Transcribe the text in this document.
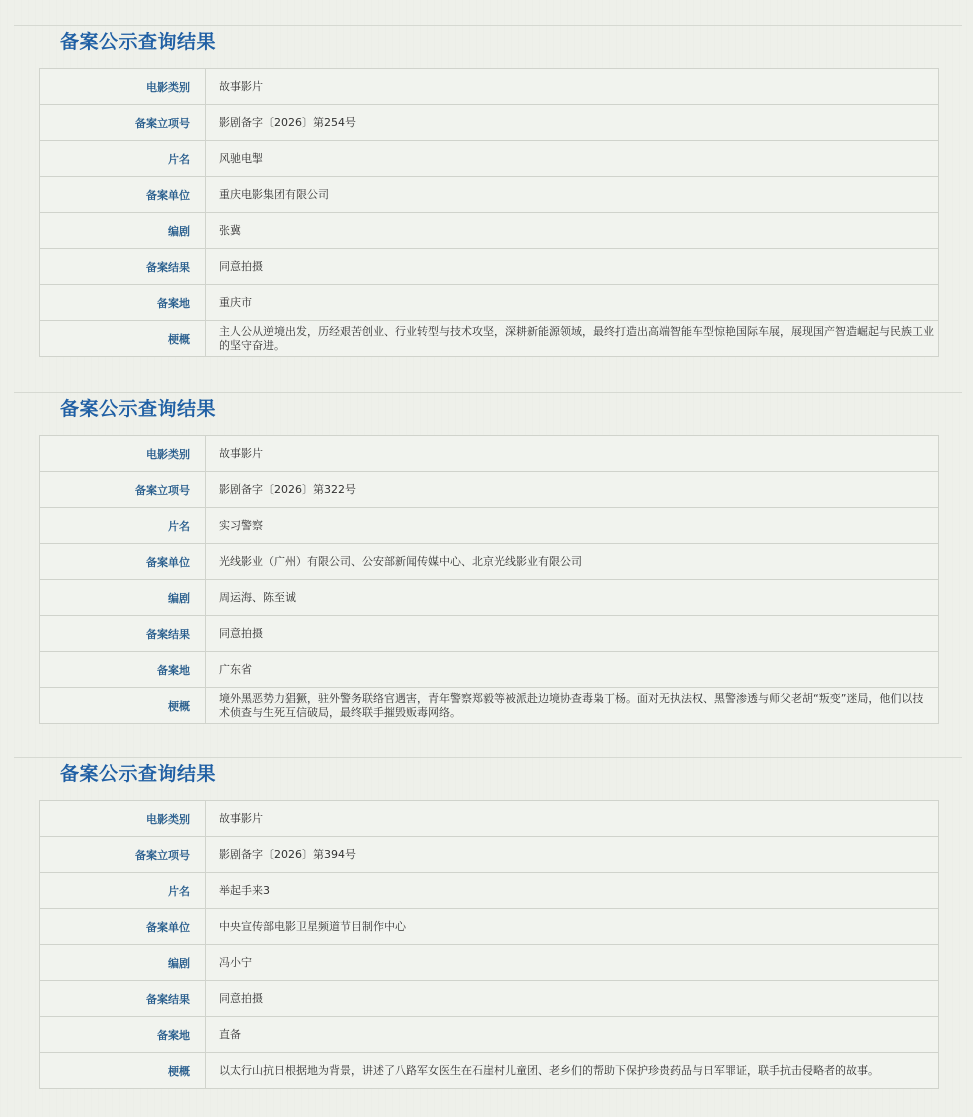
备案公示查询结果
电影类别	故事影片
备案立项号	影剧备字〔2026〕第254号
片名	风驰电掣
备案单位	重庆电影集团有限公司
编剧	张冀
备案结果	同意拍摄
备案地	重庆市
梗概	主人公从逆境出发，历经艰苦创业、行业转型与技术攻坚，深耕新能源领域，最终打造出高端智能车型惊艳国际车展，展现国产智造崛起与民族工业的坚守奋进。
备案公示查询结果
电影类别	故事影片
备案立项号	影剧备字〔2026〕第322号
片名	实习警察
备案单位	光线影业（广州）有限公司、公安部新闻传媒中心、北京光线影业有限公司
编剧	周运海、陈至诚
备案结果	同意拍摄
备案地	广东省
梗概	境外黑恶势力猖獗，驻外警务联络官遇害，青年警察郑毅等被派赴边境协查毒枭丁杨。面对无执法权、黑警渗透与师父老胡“叛变”迷局，他们以技术侦查与生死互信破局，最终联手摧毁贩毒网络。
备案公示查询结果
电影类别	故事影片
备案立项号	影剧备字〔2026〕第394号
片名	举起手来3
备案单位	中央宣传部电影卫星频道节目制作中心
编剧	冯小宁
备案结果	同意拍摄
备案地	直备
梗概	以太行山抗日根据地为背景，讲述了八路军女医生在石崖村儿童团、老乡们的帮助下保护珍贵药品与日军罪证，联手抗击侵略者的故事。
